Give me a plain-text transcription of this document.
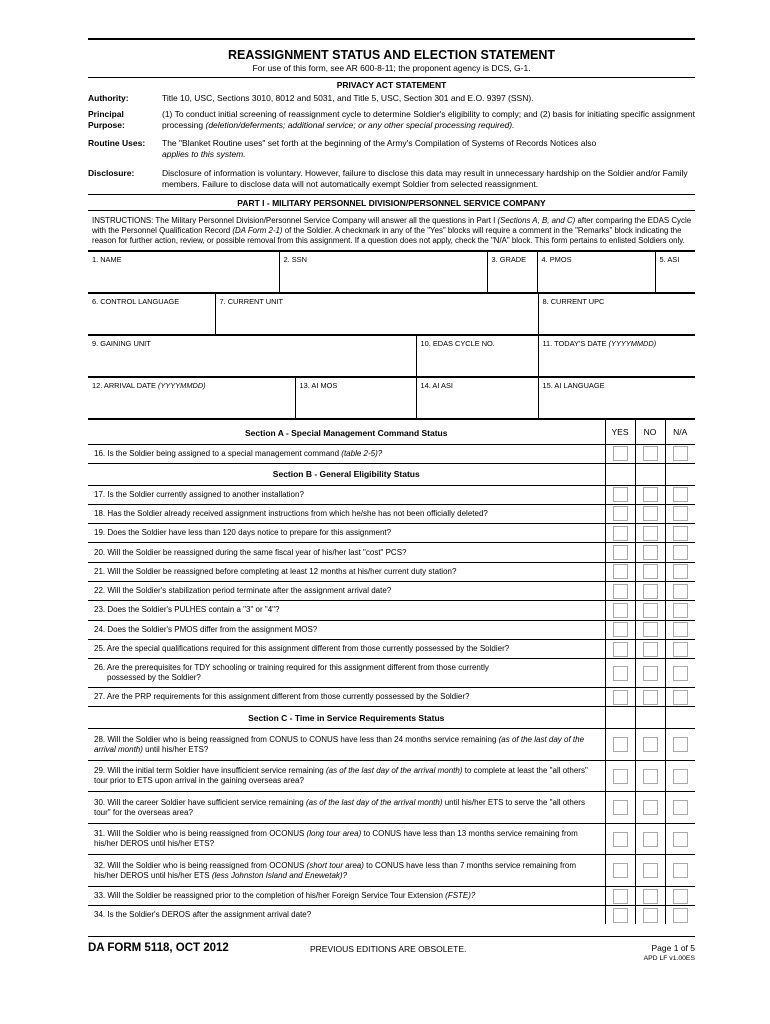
REASSIGNMENT STATUS AND ELECTION STATEMENT
For use of this form, see AR 600-8-11; the proponent agency is DCS, G-1.
PRIVACY ACT STATEMENT
Authority:	Title 10, USC, Sections 3010, 8012 and 5031, and Title 5, USC, Section 301 and E.O. 9397 (SSN).
Principal Purpose:
(1) To conduct initial screening of reassignment cycle to determine Soldier's eligibility to comply; and (2) basis for initiating specific assignment processing (deletion/deferments; additional service; or any other special processing required).
Routine Uses:	The "Blanket Routine uses" set forth at the beginning of the Army's Compilation of Systems of Records Notices also
applies to this system.
Disclosure:	Disclosure of information is voluntary. However, failure to disclose this data may result in unnecessary hardship on the Soldier and/or Family members. Failure to disclose data will not automatically exempt Soldier from selected reassignment.
PART I - MILITARY PERSONNEL DIVISION/PERSONNEL SERVICE COMPANY
INSTRUCTIONS: The Military Personnel Division/Personnel Service Company will answer all the questions in Part I (Sections A, B, and C) after comparing the EDAS Cycle with the Personnel Qualification Record (DA Form 2-1) of the Soldier. A checkmark in any of the "Yes" blocks will require a comment in the "Remarks" block indicating the reason for further action, review, or possible removal from this assignment. If a question does not apply, check the "N/A" block. This form pertains to enlisted Soldiers only.
1. NAME	2. SSN	3. GRADE	4. PMOS	5. ASI
6. CONTROL LANGUAGE	7. CURRENT UNIT	8. CURRENT UPC
9. GAINING UNIT	10. EDAS CYCLE NO.	11. TODAY'S DATE (YYYYMMDD)
12. ARRIVAL DATE (YYYYMMDD)	13. AI MOS	14. AI ASI	15. AI LANGUAGE
Section A - Special Management Command Status	YES	NO	N/A
16. Is the Soldier being assigned to a special management command (table 2-5)?			
Section B - General Eligibility Status			
17. Is the Soldier currently assigned to another installation?			
18. Has the Soldier already received assignment instructions from which he/she has not been officially deleted?			
19. Does the Soldier have less than 120 days notice to prepare for this assignment?			
20. Will the Soldier be reassigned during the same fiscal year of his/her last "cost" PCS?			
21. Will the Soldier be reassigned before completing at least 12 months at his/her current duty station?			
22. Will the Soldier's stabilization period terminate after the assignment arrival date?			
23. Does the Soldier's PULHES contain a "3" or "4"?			
24. Does the Soldier's PMOS differ from the assignment MOS?			
25. Are the special qualifications required for this assignment different from those currently possessed by the Soldier?			
26. Are the prerequisites for TDY schooling or training required for this assignment different from those currently
possessed by the Soldier?			
27. Are the PRP requirements for this assignment different from those currently possessed by the Soldier?			
Section C - Time in Service Requirements Status			
28. Will the Soldier who is being reassigned from CONUS to CONUS have less than 24 months service remaining (as of the last day of the arrival month) until his/her ETS?			
29. Will the initial term Soldier have insufficient service remaining (as of the last day of the arrival month) to complete at least the "all others" tour prior to ETS upon arrival in the gaining overseas area?			
30. Will the career Soldier have sufficient service remaining (as of the last day of the arrival month) until his/her ETS to serve the "all others tour" for the overseas area?			
31. Will the Soldier who is being reassigned from OCONUS (long tour area) to CONUS have less than 13 months service remaining from his/her DEROS until his/her ETS?			
32. Will the Soldier who is being reassigned from OCONUS (short tour area) to CONUS have less than 7 months service remaining from his/her DEROS until his/her ETS (less Johnston Island and Enewetak)?			
33. Will the Soldier be reassigned prior to the completion of his/her Foreign Service Tour Extension (FSTE)?			
34. Is the Soldier's DEROS after the assignment arrival date?			
DA FORM 5118, OCT 2012	PREVIOUS EDITIONS ARE OBSOLETE.	Page 1 of 5
APD LF v1.00ES
